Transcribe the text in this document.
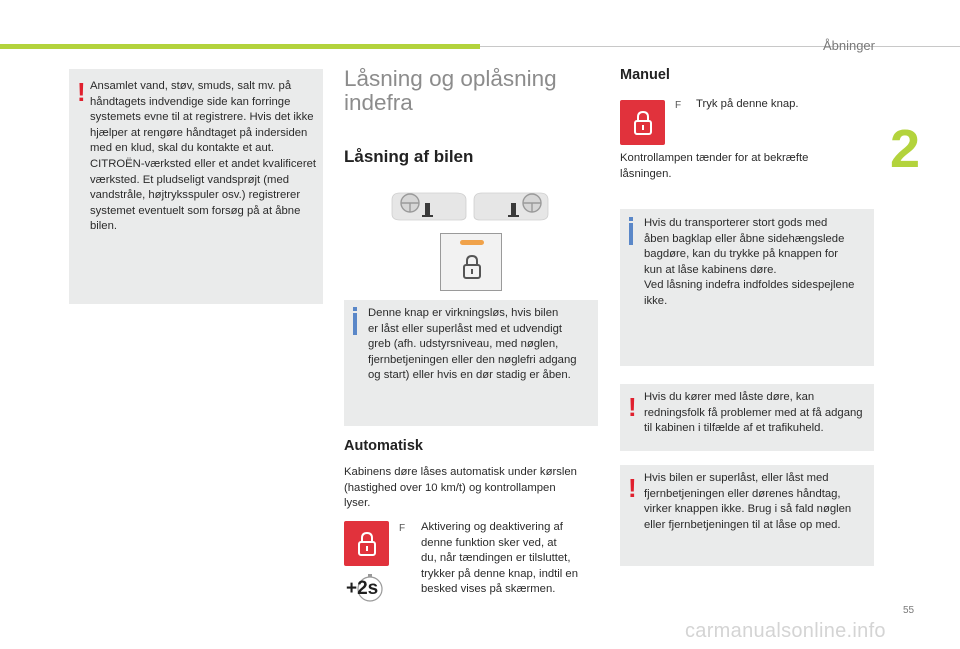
Åbninger
2
! Ansamlet vand, støv, smuds, salt mv. på håndtagets indvendige side kan forringe systemets evne til at registrere. Hvis det ikke hjælper at rengøre håndtaget på indersiden med en klud, skal du kontakte et aut. CITROËN-værksted eller et andet kvalificeret værksted. Et pludseligt vandsprøjt (med vandstråle, højtryksspuler osv.) registrerer systemet eventuelt som forsøg på at åbne bilen.
Låsning og oplåsning
indefra
Låsning af bilen
Denne knap er virkningsløs, hvis bilen
er låst eller superlåst med et udvendigt
greb (afh. udstyrsniveau, med nøglen,
fjernbetjeningen eller den nøglefri adgang
og start) eller hvis en dør stadig er åben.
Automatisk
Kabinens døre låses automatisk under kørslen
(hastighed over 10 km/t) og kontrollampen
lyser.
+2s
F Aktivering og deaktivering af
denne funktion sker ved, at
du, når tændingen er tilsluttet,
trykker på denne knap, indtil en
besked vises på skærmen.
Manuel
F Tryk på denne knap.
Kontrollampen tænder for at bekræfte
låsningen.
Hvis du transporterer stort gods med
åben bagklap eller åbne sidehængslede
bagdøre, kan du trykke på knappen for
kun at låse kabinens døre.
Ved låsning indefra indfoldes sidespejlene
ikke.
! Hvis du kører med låste døre, kan
redningsfolk få problemer med at få adgang
til kabinen i tilfælde af et trafikuheld.
! Hvis bilen er superlåst, eller låst med
fjernbetjeningen eller dørenes håndtag,
virker knappen ikke. Brug i så fald nøglen
eller fjernbetjeningen til at låse op med.
55
carmanualsonline.info
